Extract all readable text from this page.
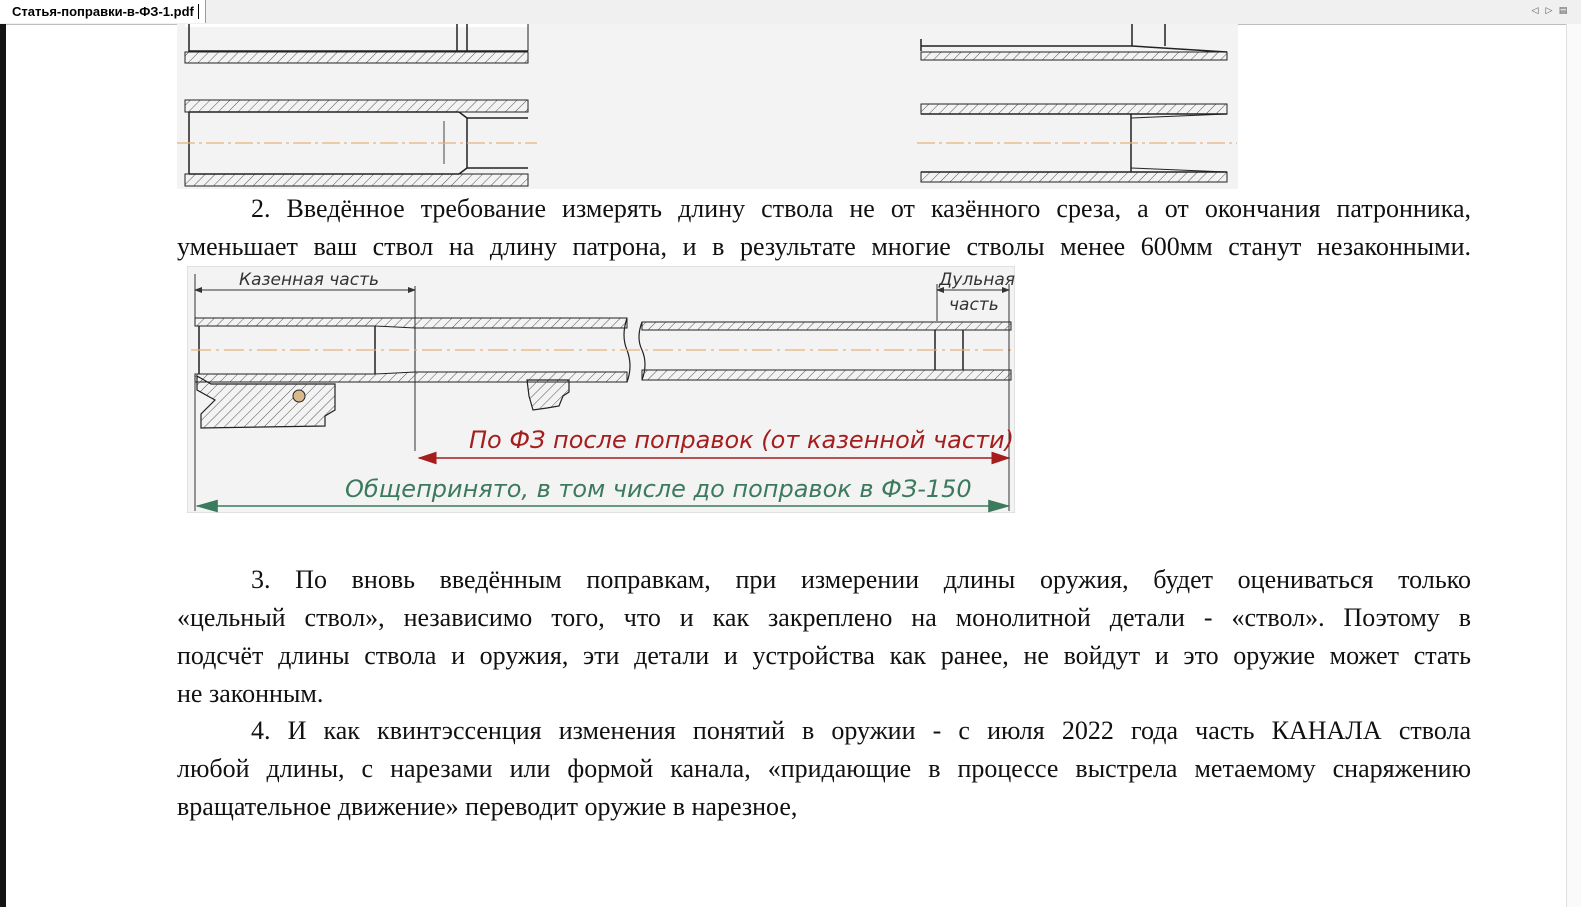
Статья-поправки-в-ФЗ-1.pdf	◁ ▷ ▤
2. Введённое требование измерять длину ствола не от казённого среза, а от окончания патронника,
уменьшает ваш ствол на длину патрона, и в результате многие стволы менее 600мм станут незаконными.
Казенная часть	Дульная
часть
По ФЗ после поправок (от казенной части)
Общепринято, в том числе до поправок в ФЗ-150
3. По вновь введённым поправкам, при измерении длины оружия, будет оцениваться только
«цельный ствол», независимо того, что и как закреплено на монолитной детали - «ствол». Поэтому в
подсчёт длины ствола и оружия, эти детали и устройства как ранее, не войдут и это оружие может стать
не законным.
4. И как квинтэссенция изменения понятий в оружии - с июля 2022 года часть КАНАЛА ствола
любой длины, с нарезами или формой канала, «придающие в процессе выстрела метаемому снаряжению
вращательное движение» переводит оружие в нарезное,
